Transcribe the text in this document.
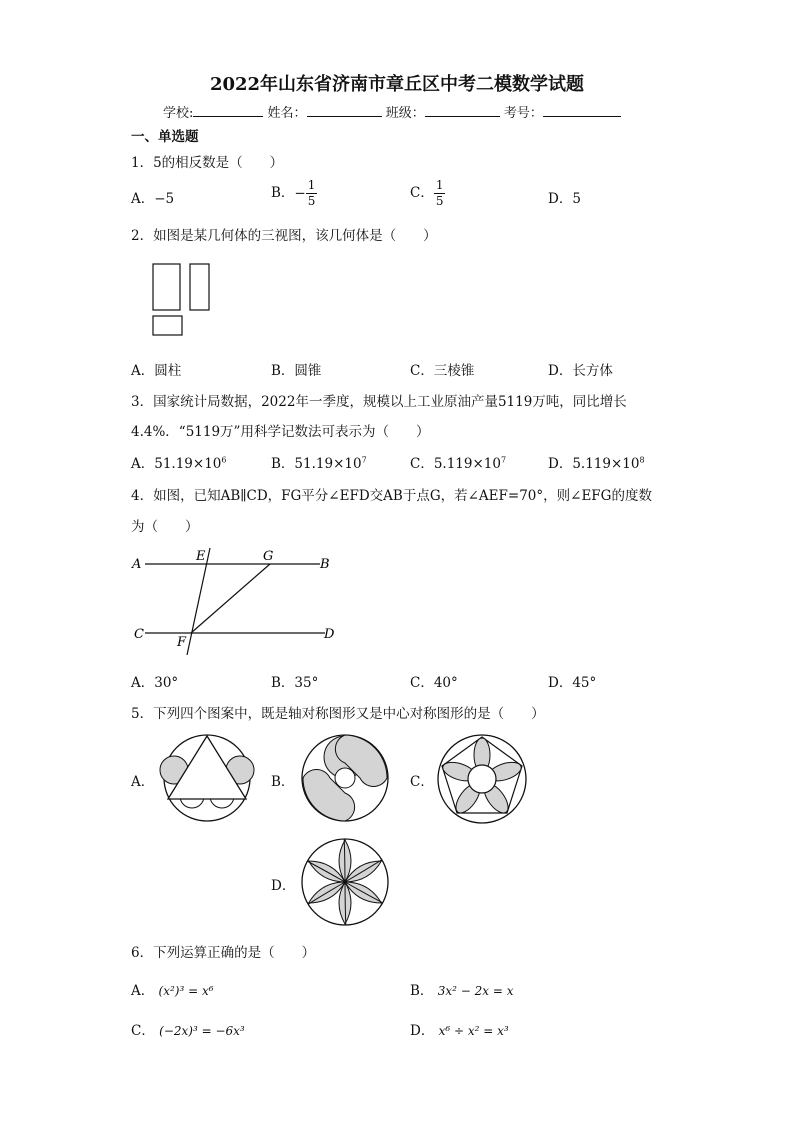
2022年山东省济南市章丘区中考二模数学试题
学校:	姓名：	班级：	考号：
一、单选题
1．5的相反数是（　　）
A．−5	B．− $\frac{1}{5}$	C． $\frac{1}{5}$	D．5
2．如图是某几何体的三视图，该几何体是（　　）
A．圆柱	B．圆锥	C．三棱锥	D．长方体
3．国家统计局数据，2022年一季度，规模以上工业原油产量5119万吨，同比增长
4.4%．“5119万”用科学记数法可表示为（　　）
A．$51.19\times 10^6$	B．$51.19\times 10^7$	C．$5.119\times 10^7$	D．$5.119\times 10^8$
4．如图，已知AB∥CD，FG平分∠EFD交AB于点G，若∠AEF=70°，则∠EFG的度数
为（　　）
A	B
C	D
E
F
G
A．30°	B．35°	C．40°	D．45°
5．下列四个图案中，既是轴对称图形又是中心对称图形的是（　　）
A．	B．	C．
D．
6．下列运算正确的是（　　）
A． (x²)³ = x⁶	B． 3x² − 2x = x
C． (−2x)³ = −6x³	D． x⁶ ÷ x² = x³
